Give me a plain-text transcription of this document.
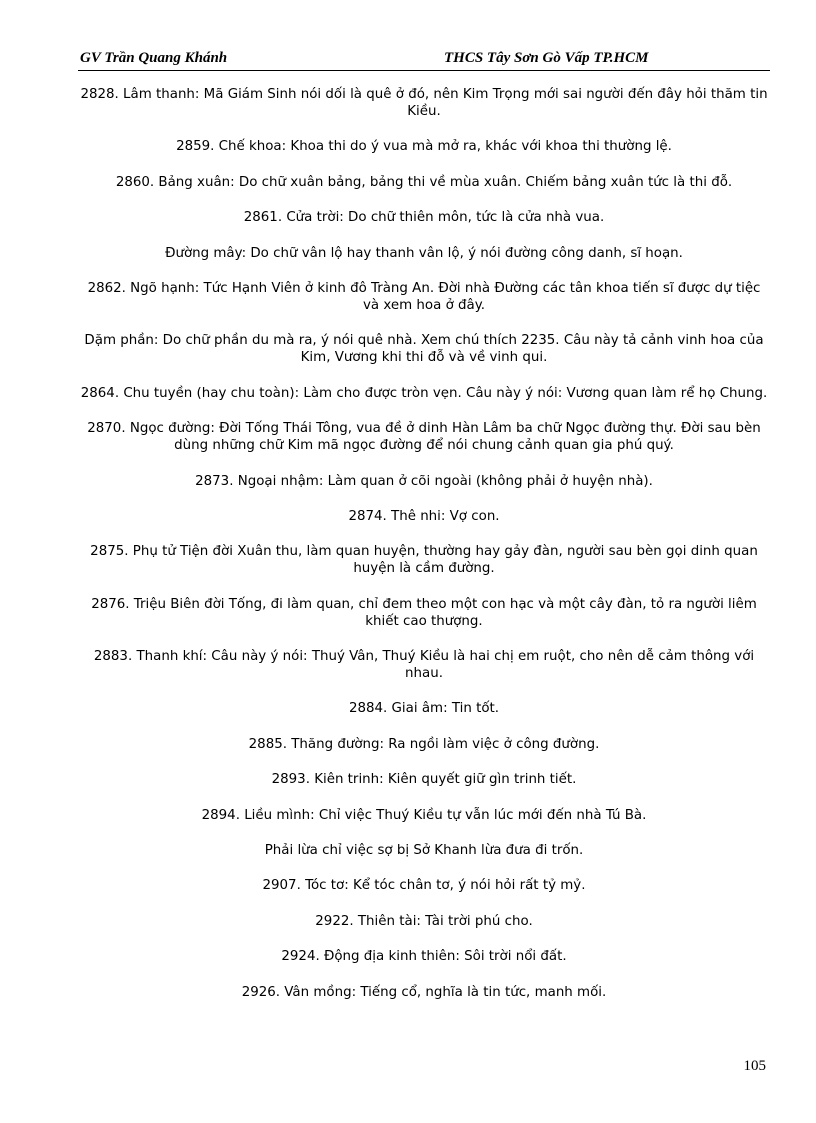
GV Trần Quang Khánh	THCS Tây Sơn Gò Vấp TP.HCM

2828. Lâm thanh: Mã Giám Sinh nói dối là quê ở đó, nên Kim Trọng mới sai người đến đây hỏi thăm tin Kiều.

2859. Chế khoa: Khoa thi do ý vua mà mở ra, khác với khoa thi thường lệ.

2860. Bảng xuân: Do chữ xuân bảng, bảng thi về mùa xuân. Chiếm bảng xuân tức là thi đỗ.

2861. Cửa trời: Do chữ thiên môn, tức là cửa nhà vua.

Đường mây: Do chữ vân lộ hay thanh vân lộ, ý nói đường công danh, sĩ hoạn.

2862. Ngõ hạnh: Tức Hạnh Viên ở kinh đô Tràng An. Đời nhà Đường các tân khoa tiến sĩ được dự tiệc và xem hoa ở đây.

Dặm phần: Do chữ phần du mà ra, ý nói quê nhà. Xem chú thích 2235. Câu này tả cảnh vinh hoa của Kim, Vương khi thi đỗ và về vinh qui.

2864. Chu tuyền (hay chu toàn): Làm cho được tròn vẹn. Câu này ý nói: Vương quan làm rể họ Chung.

2870. Ngọc đường: Đời Tống Thái Tông, vua đề ở dinh Hàn Lâm ba chữ Ngọc đường thự. Đời sau bèn dùng những chữ Kim mã ngọc đường để nói chung cảnh quan gia phú quý.

2873. Ngoại nhậm: Làm quan ở cõi ngoài (không phải ở huyện nhà).

2874. Thê nhi: Vợ con.

2875. Phụ tử Tiện đời Xuân thu, làm quan huyện, thường hay gảy đàn, người sau bèn gọi dinh quan huyện là cầm đường.

2876. Triệu Biên đời Tống, đi làm quan, chỉ đem theo một con hạc và một cây đàn, tỏ ra người liêm khiết cao thượng.

2883. Thanh khí: Câu này ý nói: Thuý Vân, Thuý Kiều là hai chị em ruột, cho nên dễ cảm thông với nhau.

2884. Giai âm: Tin tốt.

2885. Thăng đường: Ra ngồi làm việc ở công đường.

2893. Kiên trinh: Kiên quyết giữ gìn trinh tiết.

2894. Liều mình: Chỉ việc Thuý Kiều tự vẫn lúc mới đến nhà Tú Bà.

Phải lừa chỉ việc sợ bị Sở Khanh lừa đưa đi trốn.

2907. Tóc tơ: Kể tóc chân tơ, ý nói hỏi rất tỷ mỷ.

2922. Thiên tài: Tài trời phú cho.

2924. Động địa kinh thiên: Sôi trời nổi đất.

2926. Vân mồng: Tiếng cổ, nghĩa là tin tức, manh mối.

105
